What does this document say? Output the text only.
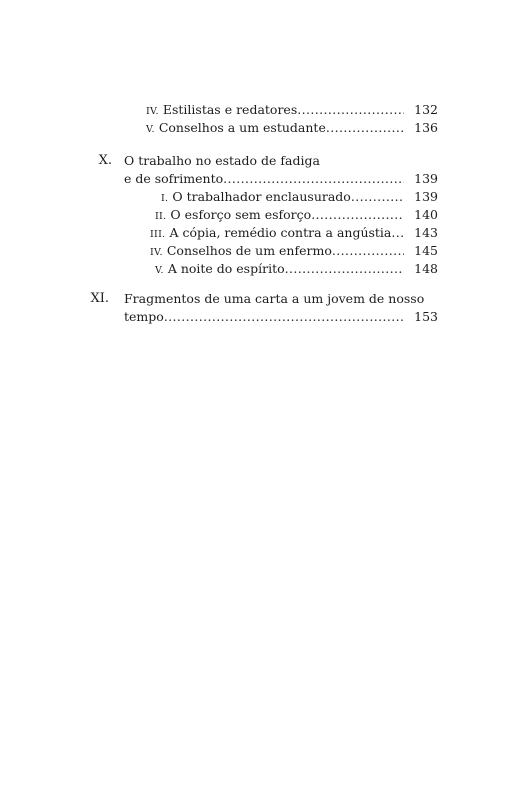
IV.
Estilistas e redatores .....	132
V.
Conselhos a um estudante .....	136
X. O trabalho no estado de fadiga
e de sofrimento .....	139
I.
O trabalhador enclausurado .....	139
II.
O esforço sem esforço .....	140
III.
A cópia, remédio contra a angústia ..... 143
IV.
Conselhos de um enfermo .....	145
V.
A noite do espírito .....	148
XI. Fragmentos de uma carta a um jovem de nosso
tempo .....	153
